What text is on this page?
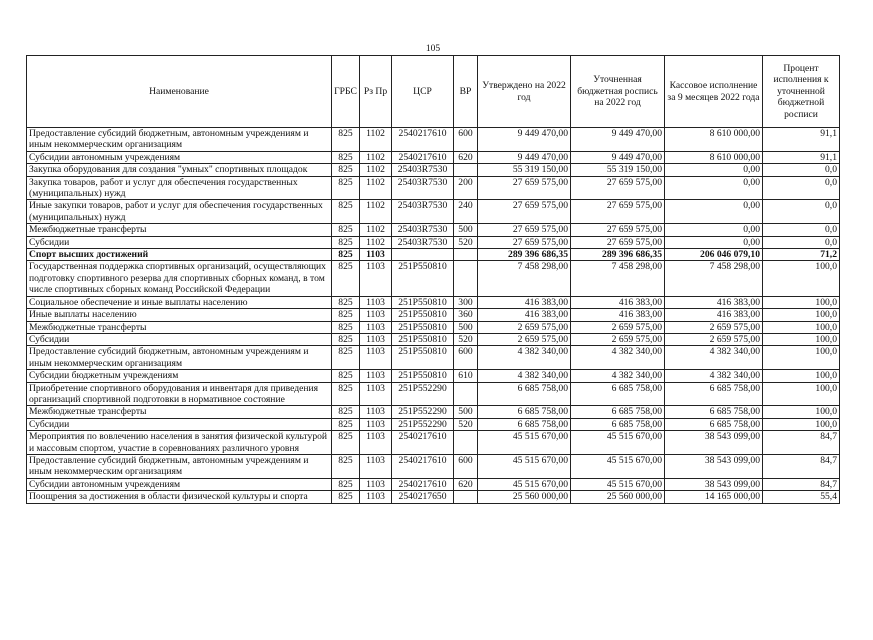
105
Наименование	ГРБС	Рз Пр	ЦСР	ВР	Утверждено на 2022 год	Уточненная бюджетная роспись на 2022 год	Кассовое исполнение за 9 месяцев 2022 года	Процент исполнения к уточненной бюджетной росписи
Предоставление субсидий бюджетным, автономным учреждениям и иным некоммерческим организациям	825	1102	2540217610	600	9 449 470,00	9 449 470,00	8 610 000,00	91,1
Субсидии автономным учреждениям	825	1102	2540217610	620	9 449 470,00	9 449 470,00	8 610 000,00	91,1
Закупка оборудования для создания "умных" спортивных площадок	825	1102	25403R7530		55 319 150,00	55 319 150,00	0,00	0,0
Закупка товаров, работ и услуг для обеспечения государственных (муниципальных) нужд	825	1102	25403R7530	200	27 659 575,00	27 659 575,00	0,00	0,0
Иные закупки товаров, работ и услуг для обеспечения государственных (муниципальных) нужд	825	1102	25403R7530	240	27 659 575,00	27 659 575,00	0,00	0,0
Межбюджетные трансферты	825	1102	25403R7530	500	27 659 575,00	27 659 575,00	0,00	0,0
Субсидии	825	1102	25403R7530	520	27 659 575,00	27 659 575,00	0,00	0,0
Спорт высших достижений	825	1103			289 396 686,35	289 396 686,35	206 046 079,10	71,2
Государственная поддержка спортивных организаций, осуществляющих подготовку спортивного резерва для спортивных сборных команд, в том числе спортивных сборных команд Российской Федерации	825	1103	251P550810		7 458 298,00	7 458 298,00	7 458 298,00	100,0
Социальное обеспечение и иные выплаты населению	825	1103	251P550810	300	416 383,00	416 383,00	416 383,00	100,0
Иные выплаты населению	825	1103	251P550810	360	416 383,00	416 383,00	416 383,00	100,0
Межбюджетные трансферты	825	1103	251P550810	500	2 659 575,00	2 659 575,00	2 659 575,00	100,0
Субсидии	825	1103	251P550810	520	2 659 575,00	2 659 575,00	2 659 575,00	100,0
Предоставление субсидий бюджетным, автономным учреждениям и иным некоммерческим организациям	825	1103	251P550810	600	4 382 340,00	4 382 340,00	4 382 340,00	100,0
Субсидии бюджетным учреждениям	825	1103	251P550810	610	4 382 340,00	4 382 340,00	4 382 340,00	100,0
Приобретение спортивного оборудования и инвентаря для приведения организаций спортивной подготовки в нормативное состояние	825	1103	251P552290		6 685 758,00	6 685 758,00	6 685 758,00	100,0
Межбюджетные трансферты	825	1103	251P552290	500	6 685 758,00	6 685 758,00	6 685 758,00	100,0
Субсидии	825	1103	251P552290	520	6 685 758,00	6 685 758,00	6 685 758,00	100,0
Мероприятия по вовлечению населения в занятия физической культурой и массовым спортом, участие в соревнованиях различного уровня	825	1103	2540217610		45 515 670,00	45 515 670,00	38 543 099,00	84,7
Предоставление субсидий бюджетным, автономным учреждениям и иным некоммерческим организациям	825	1103	2540217610	600	45 515 670,00	45 515 670,00	38 543 099,00	84,7
Субсидии автономным учреждениям	825	1103	2540217610	620	45 515 670,00	45 515 670,00	38 543 099,00	84,7
Поощрения за достижения в области физической культуры и спорта	825	1103	2540217650		25 560 000,00	25 560 000,00	14 165 000,00	55,4
